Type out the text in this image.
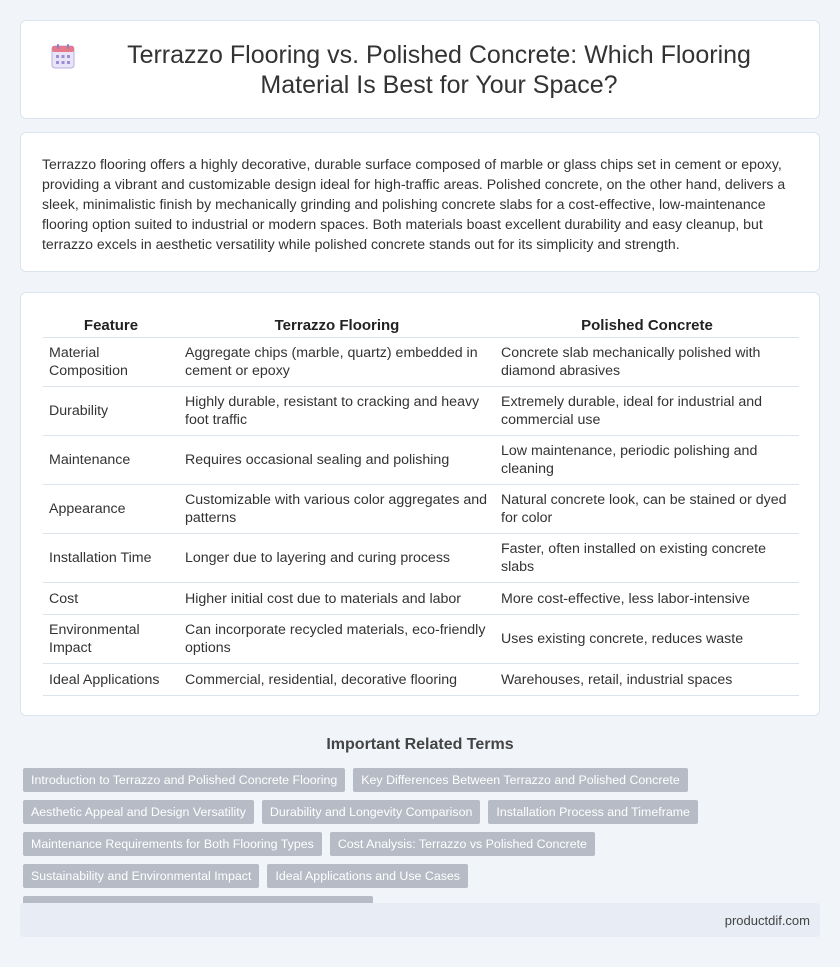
Terrazzo Flooring vs. Polished Concrete: Which Flooring Material Is Best for Your Space?

Terrazzo flooring offers a highly decorative, durable surface composed of marble or glass chips set in cement or epoxy, providing a vibrant and customizable design ideal for high-traffic areas. Polished concrete, on the other hand, delivers a sleek, minimalistic finish by mechanically grinding and polishing concrete slabs for a cost-effective, low-maintenance flooring option suited to industrial or modern spaces. Both materials boast excellent durability and easy cleanup, but terrazzo excels in aesthetic versatility while polished concrete stands out for its simplicity and strength.

Feature	Terrazzo Flooring	Polished Concrete
Material Composition	Aggregate chips (marble, quartz) embedded in cement or epoxy	Concrete slab mechanically polished with diamond abrasives
Durability	Highly durable, resistant to cracking and heavy foot traffic	Extremely durable, ideal for industrial and commercial use
Maintenance	Requires occasional sealing and polishing	Low maintenance, periodic polishing and cleaning
Appearance	Customizable with various color aggregates and patterns	Natural concrete look, can be stained or dyed for color
Installation Time	Longer due to layering and curing process	Faster, often installed on existing concrete slabs
Cost	Higher initial cost due to materials and labor	More cost-effective, less labor-intensive
Environmental Impact	Can incorporate recycled materials, eco-friendly options	Uses existing concrete, reduces waste
Ideal Applications	Commercial, residential, decorative flooring	Warehouses, retail, industrial spaces
Important Related Terms
Introduction to Terrazzo and Polished Concrete Flooring	Key Differences Between Terrazzo and Polished Concrete
Aesthetic Appeal and Design Versatility	Durability and Longevity Comparison	Installation Process and Timeframe
Maintenance Requirements for Both Flooring Types	Cost Analysis: Terrazzo vs Polished Concrete
Sustainability and Environmental Impact	Ideal Applications and Use Cases
productdif.com
